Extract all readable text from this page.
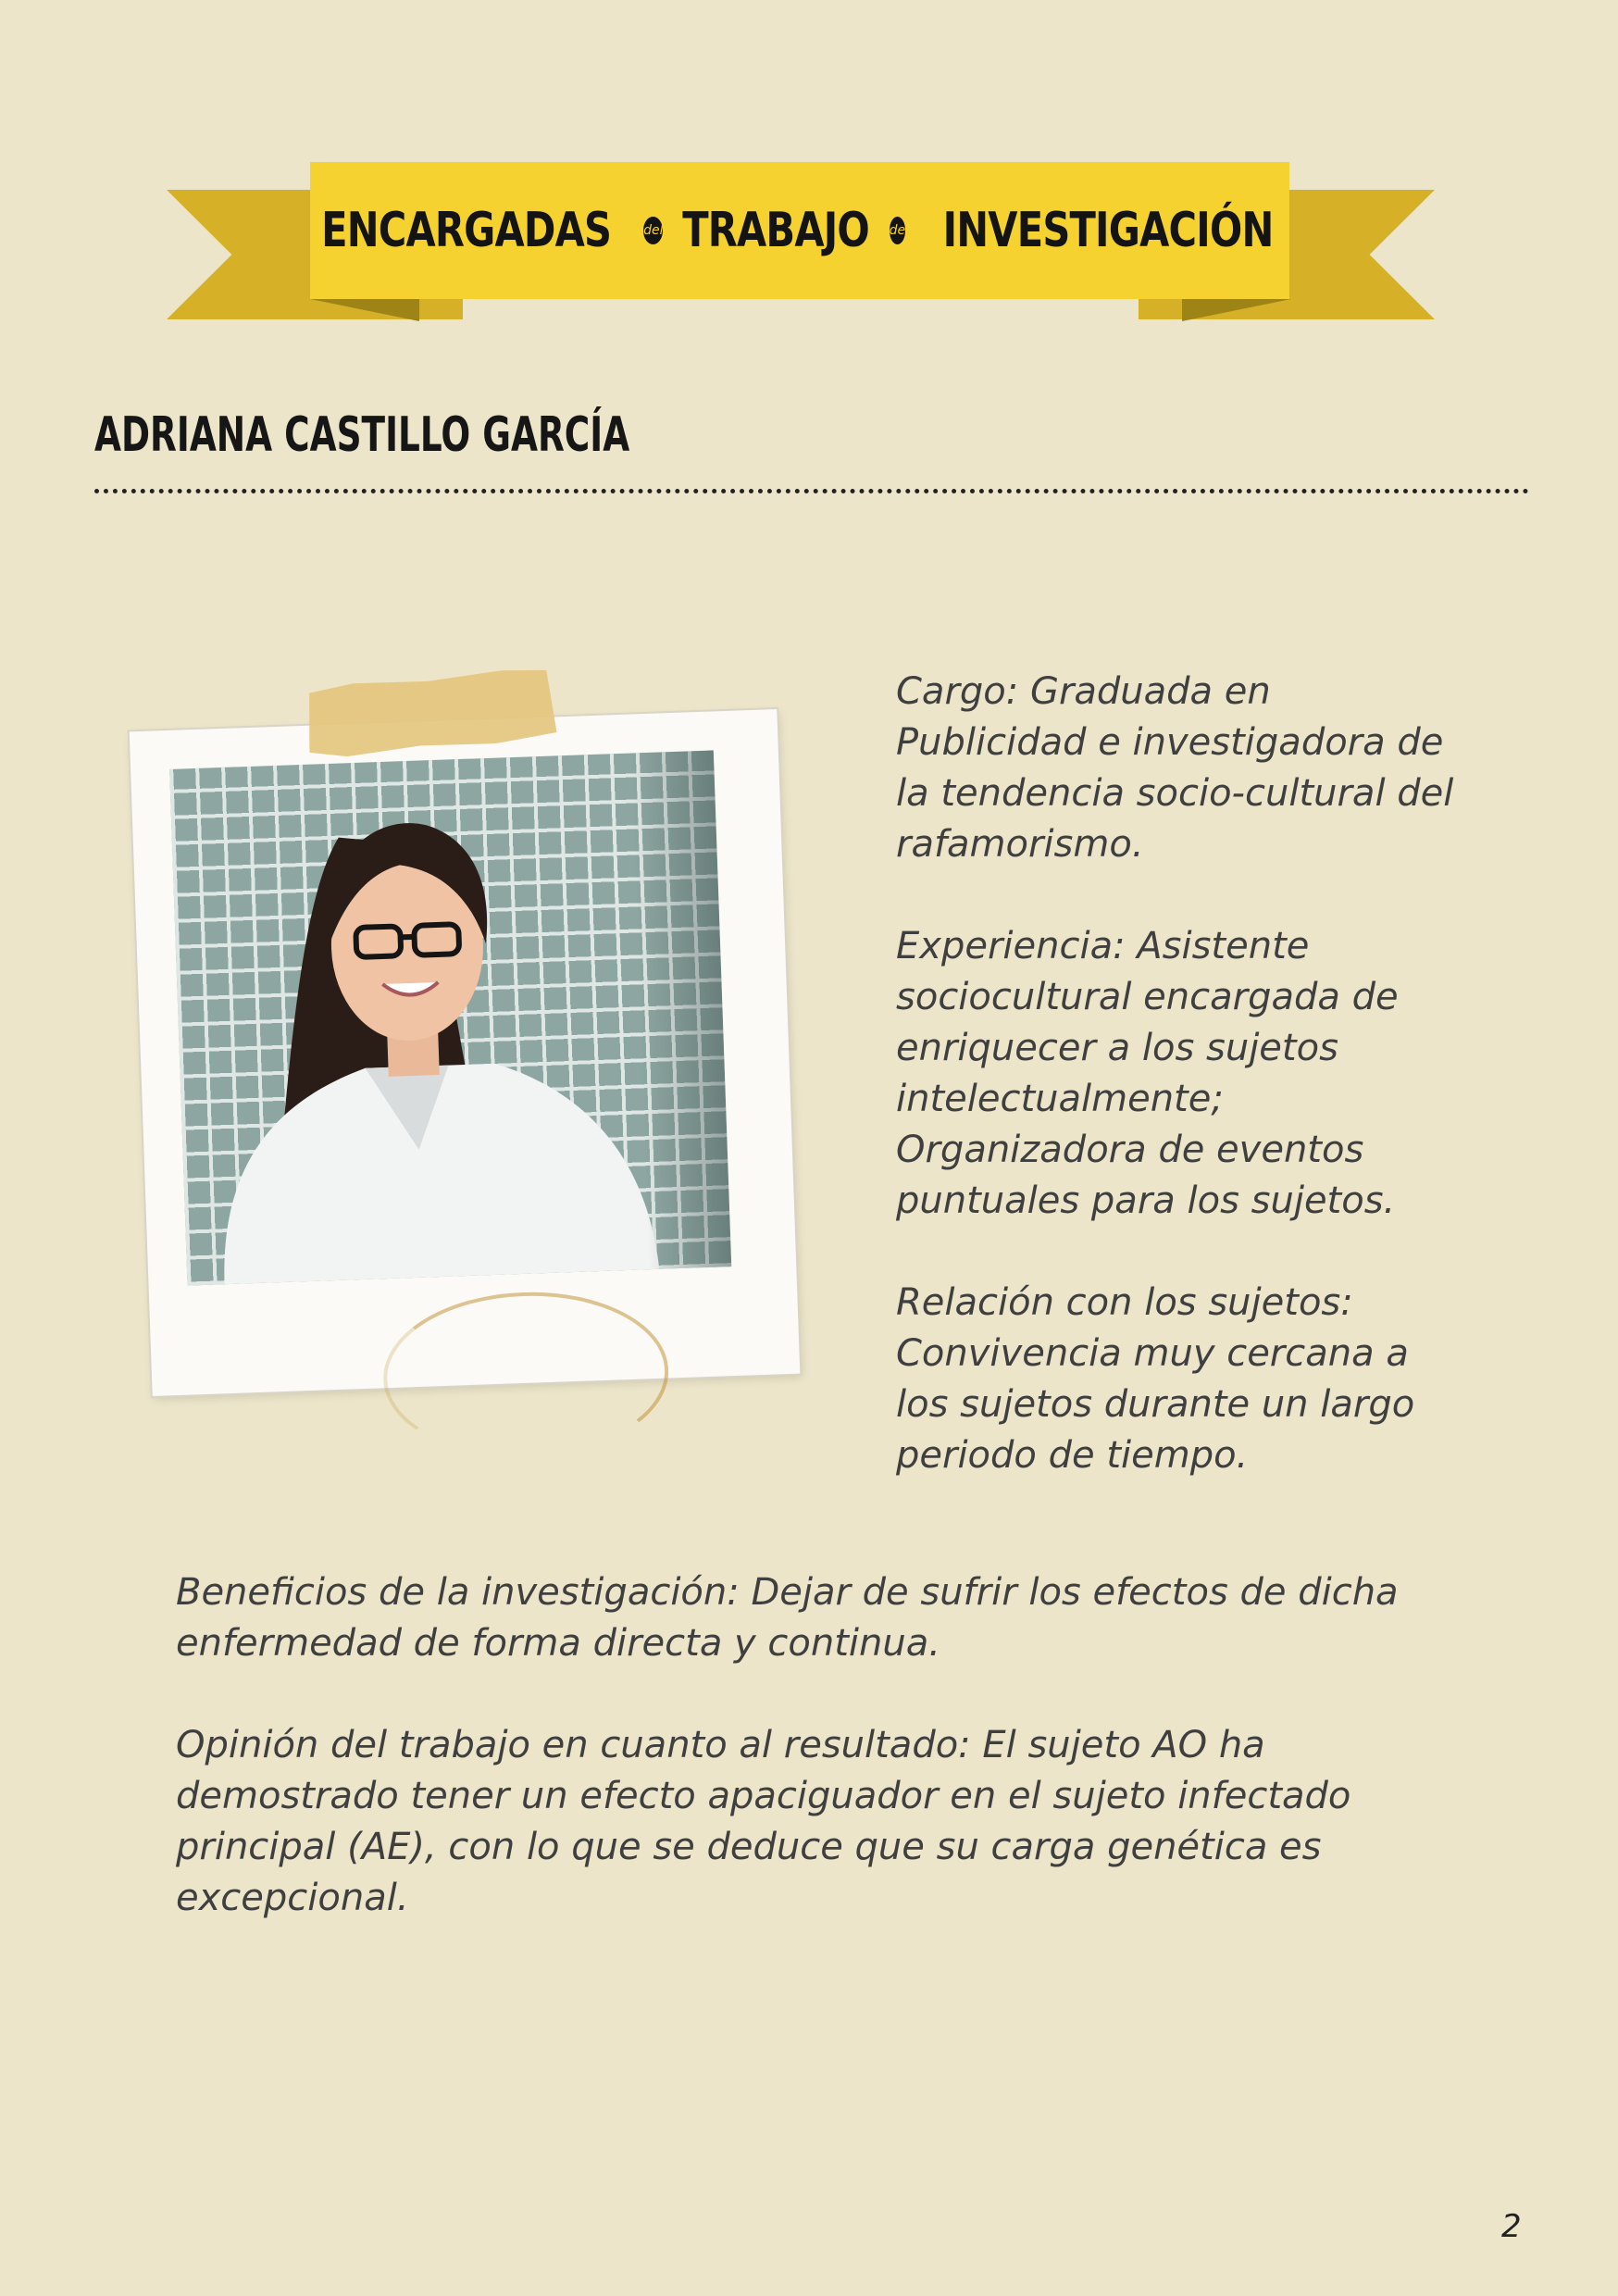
ENCARGADAS	del TRABAJO de INVESTIGACIÓN
ADRIANA CASTILLO GARCÍA

Cargo: Graduada en Publicidad e investigadora de la tendencia socio-cultural del rafamorismo.

Experiencia: Asistente sociocultural encargada de enriquecer a los sujetos intelectualmente; Organizadora de eventos puntuales para los sujetos.

Relación con los sujetos: Convivencia muy cercana a los sujetos durante un largo periodo de tiempo.

Beneficios de la investigación: Dejar de sufrir los efectos de dicha enfermedad de forma directa y continua.

Opinión del trabajo en cuanto al resultado: El sujeto AO ha demostrado tener un efecto apaciguador en el sujeto infectado principal (AE), con lo que se deduce que su carga genética es excepcional.

2
